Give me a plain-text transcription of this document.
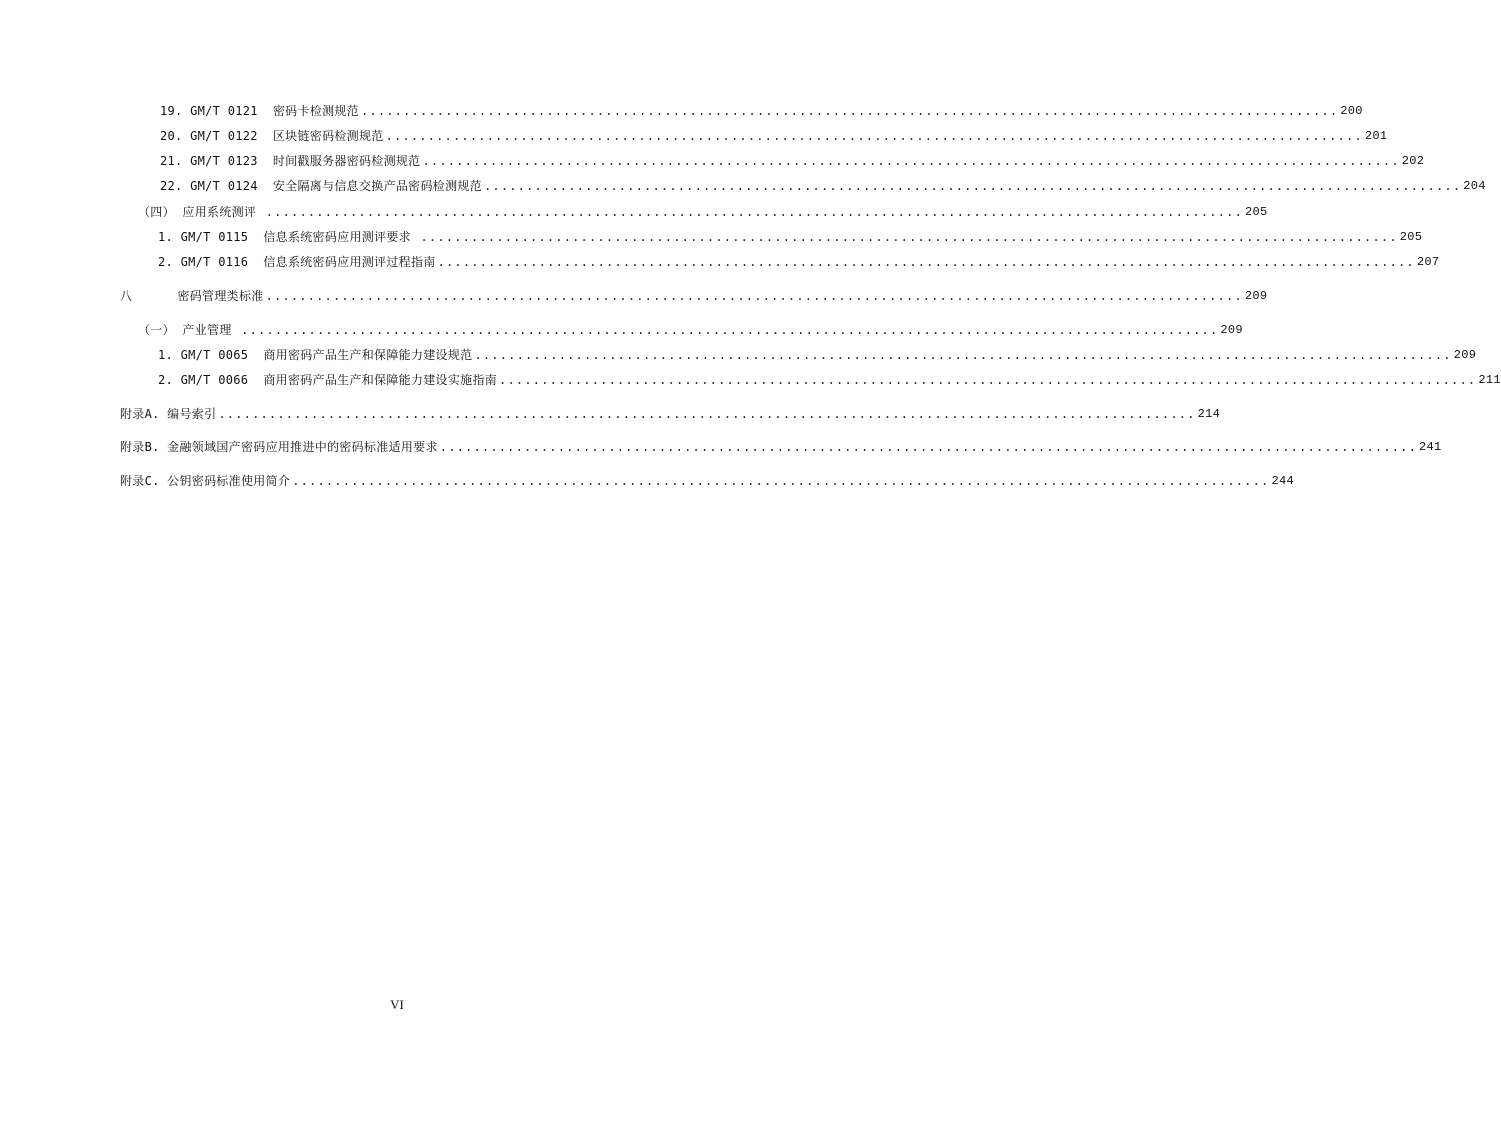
19. GM/T 0121  密码卡检测规范 .................................................................................................................... 200
20. GM/T 0122  区块链密码检测规范 .................................................................................................................... 201
21. GM/T 0123  时间戳服务器密码检测规范 .................................................................................................................... 202
22. GM/T 0124  安全隔离与信息交换产品密码检测规范 .................................................................................................................... 204
（四） 应用系统测评 .................................................................................................................... 205
1. GM/T 0115  信息系统密码应用测评要求 .................................................................................................................... 205
2. GM/T 0116  信息系统密码应用测评过程指南 .................................................................................................................... 207
八      密码管理类标准 .................................................................................................................... 209
（一） 产业管理 .................................................................................................................... 209
1. GM/T 0065  商用密码产品生产和保障能力建设规范 .................................................................................................................... 209
2. GM/T 0066  商用密码产品生产和保障能力建设实施指南 .................................................................................................................... 211
附录A. 编号索引 .................................................................................................................... 214
附录B. 金融领域国产密码应用推进中的密码标准适用要求 .................................................................................................................... 241
附录C. 公钥密码标准使用简介 .................................................................................................................... 244
VI
